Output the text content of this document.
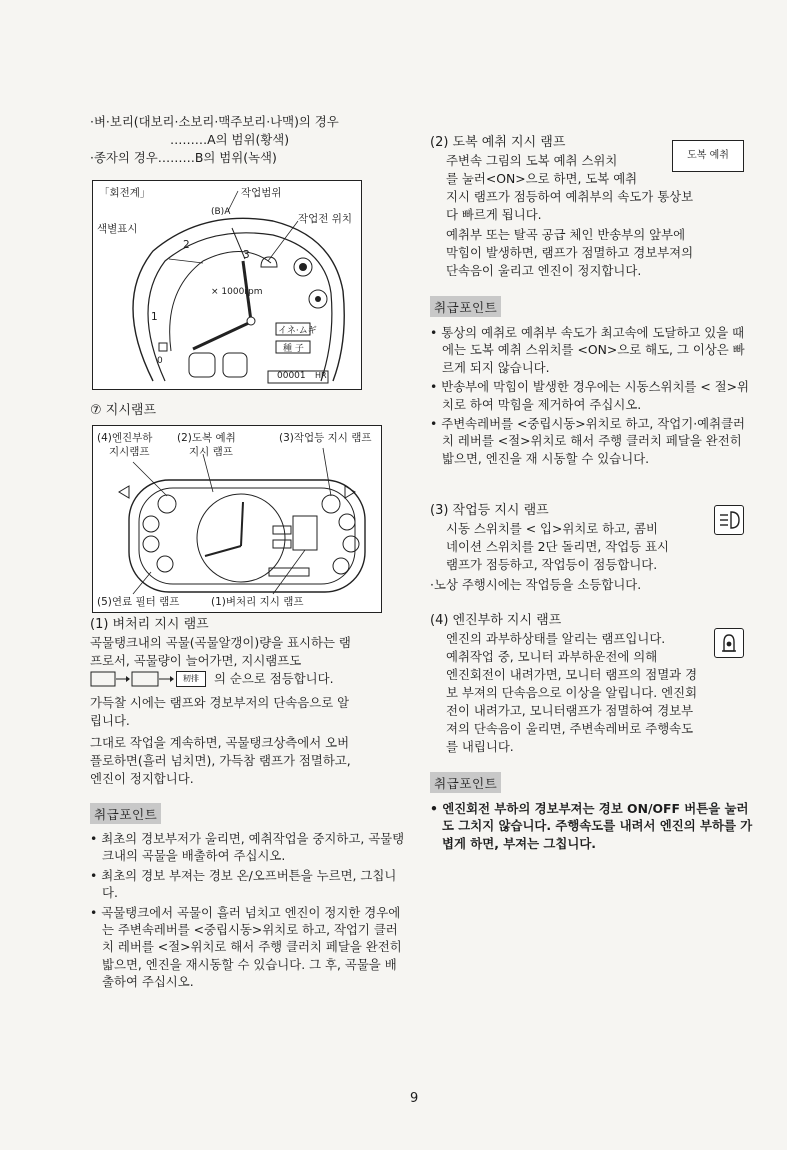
·벼·보리(대보리·소보리·맥주보리·나맥)의 경우
………A의 범위(황색)
·종자의 경우………B의 범위(녹색)
「회전계」	작업범위
색별표시
작업전 위치
1
2
3
0
(B)A
× 1000rpm
イネ·ムギ
種 子
00001 HR
⑦ 지시램프
(4)엔진부하
지시램프
(2)도복 예취
지시 램프
(3)작업등 지시 램프
(5)연료 필터 램프	(1)벼처리 지시 램프
(1) 벼처리 지시 램프
곡물탱크내의 곡물(곡물알갱이)량을 표시하는 램
프로서, 곡물량이 늘어가면, 지시램프도
籾排	의 순으로 점등합니다.
가득찰 시에는 램프와 경보부저의 단속음으로 알
립니다.
그대로 작업을 계속하면, 곡물탱크상측에서 오버
플로하면(흘러 넘치면), 가득참 램프가 점멸하고,
엔진이 정지합니다.
취급포인트
• 최초의 경보부저가 울리면, 예취작업을 중지하고, 곡물탱크내의 곡물을 배출하여 주십시오.
• 최초의 경보 부져는 경보 온/오프버튼을 누르면, 그칩니다.
• 곡물탱크에서 곡물이 흘러 넘치고 엔진이 정지한 경우에는 주변속레버를 <중립시동>위치로 하고, 작업기 클러치 레버를 <절>위치로 해서 주행 클러치 페달을 완전히 밟으면, 엔진을 재시동할 수 있습니다. 그 후, 곡물을 배출하여 주십시오.
(2) 도복 예취 지시 램프
도복 예취
주변속 그림의 도복 예취 스위치
를 눌러<ON>으로 하면, 도복 예취
지시 램프가 점등하여 예취부의 속도가 통상보
다 빠르게 됩니다.
예취부 또는 탈곡 공급 체인 반송부의 앞부에
막힘이 발생하면, 램프가 점멸하고 경보부져의
단속음이 울리고 엔진이 정지합니다.
취급포인트
• 통상의 예취로 예취부 속도가 최고속에 도달하고 있을 때에는 도복 예취 스위치를 <ON>으로 해도, 그 이상은 빠르게 되지 않습니다.
• 반송부에 막힘이 발생한 경우에는 시동스위치를 < 절>위치로 하여 막힘을 제거하여 주십시오.
• 주변속레버를 <중립시동>위치로 하고, 작업기·예취클러치 레버를 <절>위치로 해서 주행 클러치 페달을 완전히 밟으면, 엔진을 재 시동할 수 있습니다.
(3) 작업등 지시 램프
시동 스위치를 < 입>위치로 하고, 콤비
네이션 스위치를 2단 돌리면, 작업등 표시
램프가 점등하고, 작업등이 점등합니다.
·노상 주행시에는 작업등을 소등합니다.
(4) 엔진부하 지시 램프
엔진의 과부하상태를 알리는 램프입니다.
예취작업 중, 모니터 과부하운전에 의해
엔진회전이 내려가면, 모니터 램프의 점멸과 경
보 부져의 단속음으로 이상을 알립니다. 엔진회
전이 내려가고, 모니터램프가 점멸하여 경보부
져의 단속음이 울리면, 주변속레버로 주행속도
를 내립니다.
취급포인트
• 엔진회전 부하의 경보부져는 경보 ON/OFF 버튼을 눌러도 그치지 않습니다. 주행속도를 내려서 엔진의 부하를 가볍게 하면, 부져는 그칩니다.
9
